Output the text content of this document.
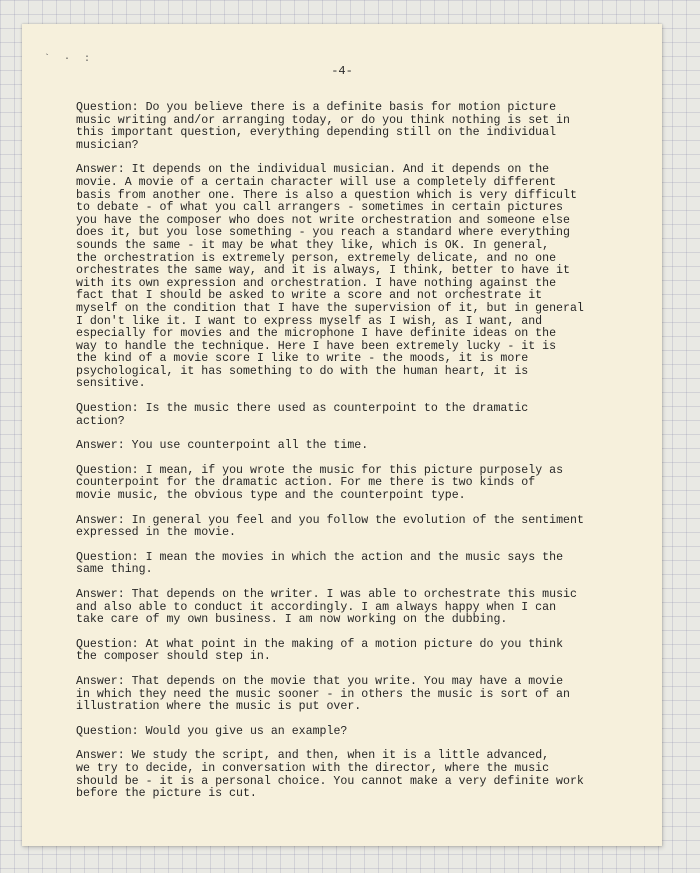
` · :
-4-

Question: Do you believe there is a definite basis for motion picture
music writing and/or arranging today, or do you think nothing is set in
this important question, everything depending still on the individual
musician?

Answer: It depends on the individual musician. And it depends on the
movie. A movie of a certain character will use a completely different
basis from another one. There is also a question which is very difficult
to debate - of what you call arrangers - sometimes in certain pictures
you have the composer who does not write orchestration and someone else
does it, but you lose something - you reach a standard where everything
sounds the same - it may be what they like, which is OK. In general,
the orchestration is extremely person, extremely delicate, and no one
orchestrates the same way, and it is always, I think, better to have it
with its own expression and orchestration. I have nothing against the
fact that I should be asked to write a score and not orchestrate it
myself on the condition that I have the supervision of it, but in general
I don't like it. I want to express myself as I wish, as I want, and
especially for movies and the microphone I have definite ideas on the
way to handle the technique. Here I have been extremely lucky - it is
the kind of a movie score I like to write - the moods, it is more
psychological, it has something to do with the human heart, it is
sensitive.

Question: Is the music there used as counterpoint to the dramatic
action?

Answer: You use counterpoint all the time.

Question: I mean, if you wrote the music for this picture purposely as
counterpoint for the dramatic action. For me there is two kinds of
movie music, the obvious type and the counterpoint type.

Answer: In general you feel and you follow the evolution of the sentiment
expressed in the movie.

Question: I mean the movies in which the action and the music says the
same thing.

Answer: That depends on the writer. I was able to orchestrate this music
and also able to conduct it accordingly. I am always happy when I can
take care of my own business. I am now working on the dubbing.

Question: At what point in the making of a motion picture do you think
the composer should step in.

Answer: That depends on the movie that you write. You may have a movie
in which they need the music sooner - in others the music is sort of an
illustration where the music is put over.

Question: Would you give us an example?

Answer: We study the script, and then, when it is a little advanced,
we try to decide, in conversation with the director, where the music
should be - it is a personal choice. You cannot make a very definite work
before the picture is cut.
